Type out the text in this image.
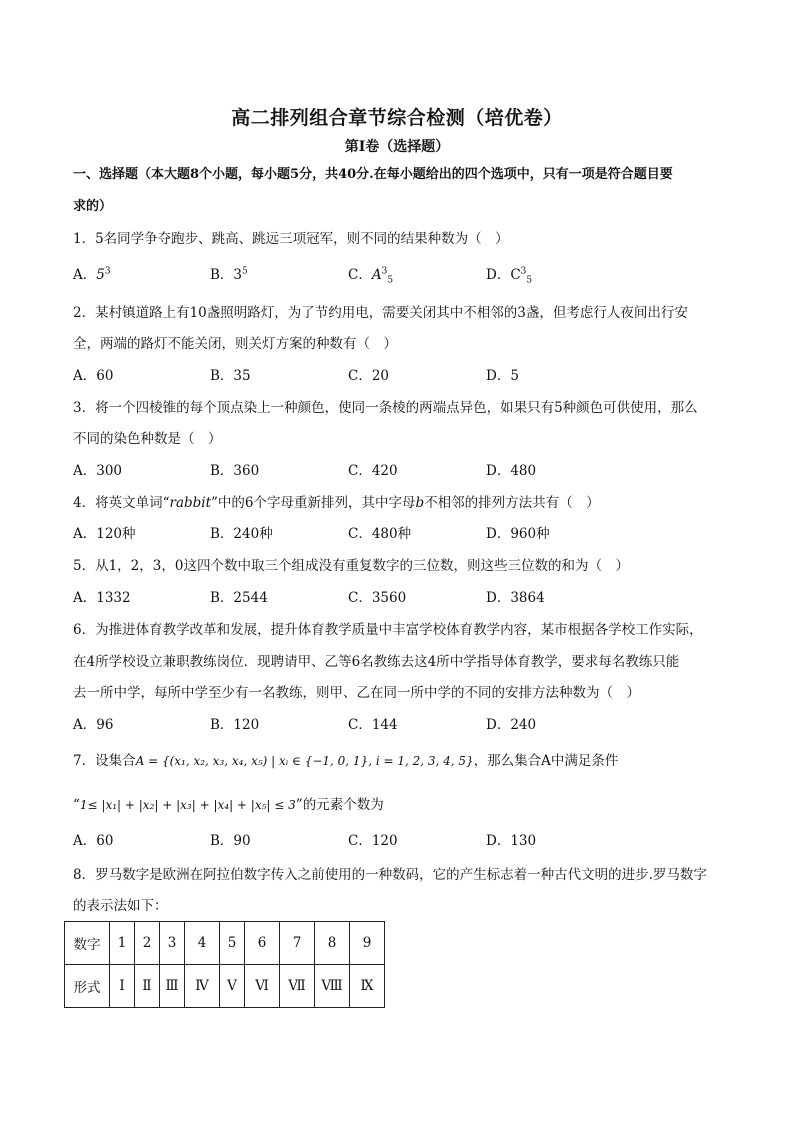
高二排列组合章节综合检测（培优卷）
第Ⅰ卷（选择题）
一、选择题（本大题8个小题，每小题5分，共40分.在每小题给出的四个选项中，只有一项是符合题目要
求的）
1．5名同学争夺跑步、跳高、跳远三项冠军，则不同的结果种数为（　）
A．$5^3$	B．$3^5$	C．$A^3_5$	D．$C^3_5$
2．某村镇道路上有10盏照明路灯，为了节约用电，需要关闭其中不相邻的3盏，但考虑行人夜间出行安
全，两端的路灯不能关闭，则关灯方案的种数有（　）
A．60	B．35	C．20	D．5
3．将一个四棱锥的每个顶点染上一种颜色，使同一条棱的两端点异色，如果只有5种颜色可供使用，那么
不同的染色种数是（　）
A．300	B．360	C．420	D．480
4．将英文单词“rabbit”中的6个字母重新排列，其中字母b不相邻的排列方法共有（　）
A．120种	B．240种	C．480种	D．960种
5．从1，2，3，0这四个数中取三个组成没有重复数字的三位数，则这些三位数的和为（　）
A．1332	B．2544	C．3560	D．3864
6．为推进体育教学改革和发展，提升体育教学质量中丰富学校体育教学内容，某市根据各学校工作实际，
在4所学校设立兼职教练岗位．现聘请甲、乙等6名教练去这4所中学指导体育教学，要求每名教练只能
去一所中学，每所中学至少有一名教练，则甲、乙在同一所中学的不同的安排方法种数为（　）
A．96	B．120	C．144	D．240
7．设集合A = {(x₁, x₂, x₃, x₄, x₅) | xᵢ ∈ {−1, 0, 1}, i = 1, 2, 3, 4, 5}，那么集合A中满足条件
“1≤ |x₁| + |x₂| + |x₃| + |x₄| + |x₅| ≤ 3”的元素个数为
A．60	B．90	C．120	D．130
8．罗马数字是欧洲在阿拉伯数字传入之前使用的一种数码，它的产生标志着一种古代文明的进步.罗马数字
的表示法如下：
数字	1	2	3	4	5	6	7	8	9
形式	Ⅰ	Ⅱ	Ⅲ	Ⅳ	Ⅴ	Ⅵ	Ⅶ	Ⅷ	Ⅸ
